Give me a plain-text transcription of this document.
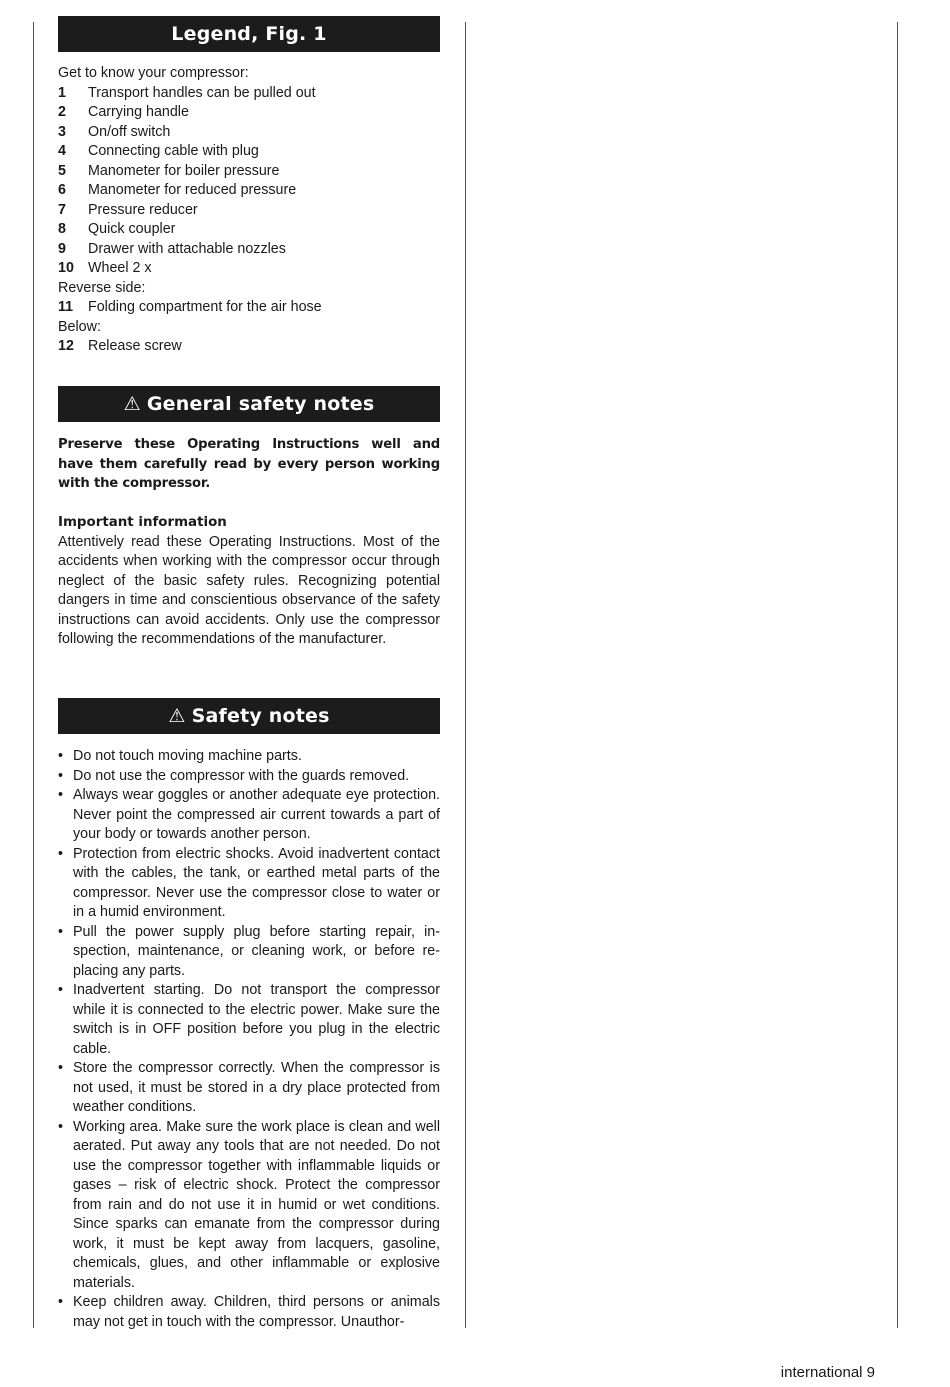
Legend, Fig. 1
Get to know your compressor:
1 Transport handles can be pulled out
2 Carrying handle
3 On/off switch
4 Connecting cable with plug
5 Manometer for boiler pressure
6 Manometer for reduced pressure
7 Pressure reducer
8 Quick coupler
9 Drawer with attachable nozzles
10 Wheel 2 x
Reverse side:
11 Folding compartment for the air hose
Below:
12 Release screw
⚠ General safety notes

Preserve these Operating Instructions well and have them carefully read by every person working with the compressor.

Important information

Attentively read these Operating Instructions. Most of the accidents when working with the compressor occur through neglect of the basic safety rules. Recognizing potential dangers in time and conscientious observance of the safety instructions can avoid accidents. Only use the compressor following the recommendations of the manufacturer.

⚠ Safety notes
• Do not touch moving machine parts.
• Do not use the compressor with the guards removed.
• Always wear goggles or another adequate eye protection. Never point the compressed air current towards a part of your body or towards another person.
• Protection from electric shocks. Avoid inadvertent contact with the cables, the tank, or earthed metal parts of the compressor. Never use the compressor close to water or in a humid environment.
• Pull the power supply plug before starting repair, inspection, maintenance, or cleaning work, or before replacing any parts.
• Inadvertent starting. Do not transport the compressor while it is connected to the electric power. Make sure the switch is in OFF position before you plug in the electric cable.
• Store the compressor correctly. When the compressor is not used, it must be stored in a dry place protected from weather conditions.
• Working area. Make sure the work place is clean and well aerated. Put away any tools that are not needed. Do not use the compressor together with inflammable liquids or gases – risk of electric shock. Protect the compressor from rain and do not use it in humid or wet conditions. Since sparks can emanate from the compressor during work, it must be kept away from lacquers, gasoline, chemicals, glues, and other inflammable or explosive materials.
• Keep children away. Children, third persons or animals may not get in touch with the compressor. Unauthor-
international 9
